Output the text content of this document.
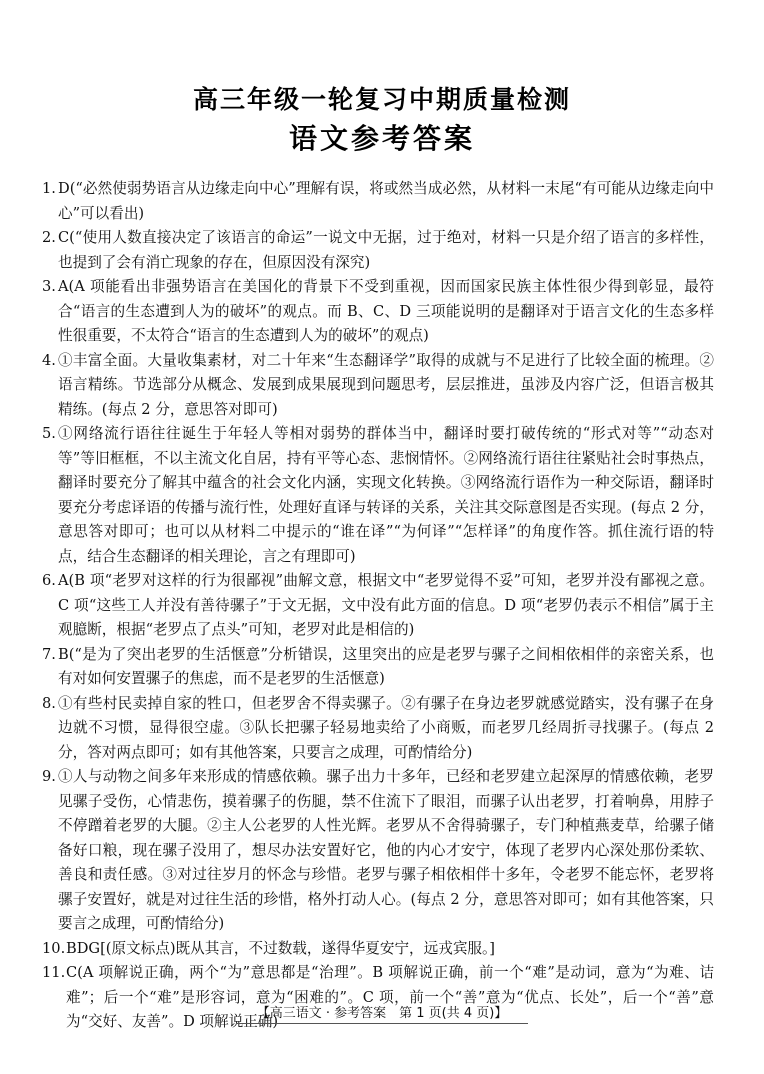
高三年级一轮复习中期质量检测
语文参考答案
1. D(“必然使弱势语言从边缘走向中心”理解有误，将或然当成必然，从材料一末尾“有可能从边缘走向中心”可以看出)
2. C(“使用人数直接决定了该语言的命运”一说文中无据，过于绝对，材料一只是介绍了语言的多样性，也提到了会有消亡现象的存在，但原因没有深究)
3. A(A 项能看出非强势语言在美国化的背景下不受到重视，因而国家民族主体性很少得到彰显，最符合“语言的生态遭到人为的破坏”的观点。而 B、C、D 三项能说明的是翻译对于语言文化的生态多样性很重要，不太符合“语言的生态遭到人为的破坏”的观点)
4. ①丰富全面。大量收集素材，对二十年来“生态翻译学”取得的成就与不足进行了比较全面的梳理。②语言精练。节选部分从概念、发展到成果展现到问题思考，层层推进，虽涉及内容广泛，但语言极其精练。(每点 2 分，意思答对即可)
5. ①网络流行语往往诞生于年轻人等相对弱势的群体当中，翻译时要打破传统的“形式对等”“动态对等”等旧框框，不以主流文化自居，持有平等心态、悲悯情怀。②网络流行语往往紧贴社会时事热点，翻译时要充分了解其中蕴含的社会文化内涵，实现文化转换。③网络流行语作为一种交际语，翻译时要充分考虑译语的传播与流行性，处理好直译与转译的关系，关注其交际意图是否实现。(每点 2 分，意思答对即可；也可以从材料二中提示的“谁在译”“为何译”“怎样译”的角度作答。抓住流行语的特点，结合生态翻译的相关理论，言之有理即可)
6. A(B 项“老罗对这样的行为很鄙视”曲解文意，根据文中“老罗觉得不妥”可知，老罗并没有鄙视之意。C 项“这些工人并没有善待骡子”于文无据，文中没有此方面的信息。D 项“老罗仍表示不相信”属于主观臆断，根据“老罗点了点头”可知，老罗对此是相信的)
7. B(“是为了突出老罗的生活惬意”分析错误，这里突出的应是老罗与骡子之间相依相伴的亲密关系，也有对如何安置骡子的焦虑，而不是老罗的生活惬意)
8. ①有些村民卖掉自家的牲口，但老罗舍不得卖骡子。②有骡子在身边老罗就感觉踏实，没有骡子在身边就不习惯，显得很空虚。③队长把骡子轻易地卖给了小商贩，而老罗几经周折寻找骡子。(每点 2 分，答对两点即可；如有其他答案，只要言之成理，可酌情给分)
9. ①人与动物之间多年来形成的情感依赖。骡子出力十多年，已经和老罗建立起深厚的情感依赖，老罗见骡子受伤，心情悲伤，摸着骡子的伤腿，禁不住流下了眼泪，而骡子认出老罗，打着响鼻，用脖子不停蹭着老罗的大腿。②主人公老罗的人性光辉。老罗从不舍得骑骡子，专门种植燕麦草，给骡子储备好口粮，现在骡子没用了，想尽办法安置好它，他的内心才安宁，体现了老罗内心深处那份柔软、善良和责任感。③对过往岁月的怀念与珍惜。老罗与骡子相依相伴十多年，令老罗不能忘怀，老罗将骡子安置好，就是对过往生活的珍惜，格外打动人心。(每点 2 分，意思答对即可；如有其他答案，只要言之成理，可酌情给分)
10. BDG[(原文标点)既从其言，不过数载，遂得华夏安宁，远戎宾服。]
11. C(A 项解说正确，两个“为”意思都是“治理”。B 项解说正确，前一个“难”是动词，意为“为难、诘难”；后一个“难”是形容词，意为“困难的”。C 项，前一个“善”意为“优点、长处”，后一个“善”意为“交好、友善”。D 项解说正确)
【高三语文 · 参考答案　第 1 页(共 4 页)】
